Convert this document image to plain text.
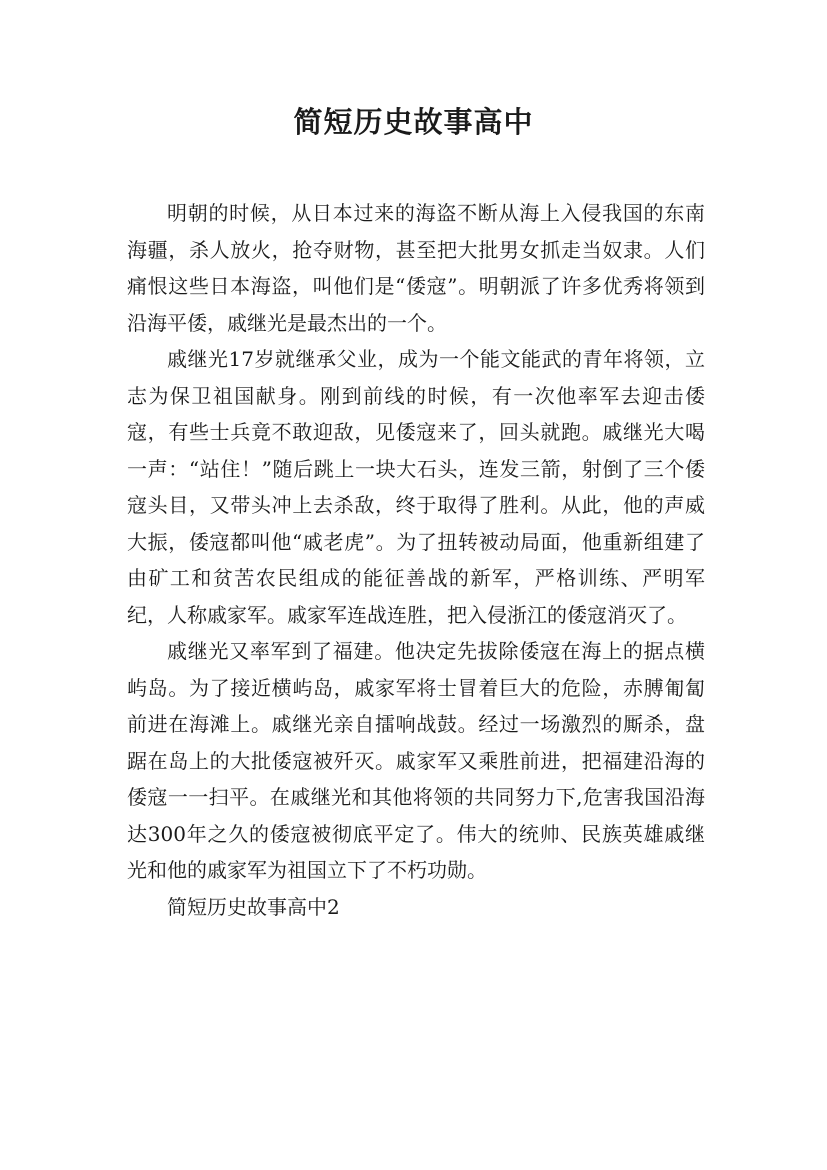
简短历史故事高中

明朝的时候，从日本过来的海盗不断从海上入侵我国的东南海疆，杀人放火，抢夺财物，甚至把大批男女抓走当奴隶。人们痛恨这些日本海盗，叫他们是“倭寇”。明朝派了许多优秀将领到沿海平倭，戚继光是最杰出的一个。

戚继光17岁就继承父业，成为一个能文能武的青年将领，立志为保卫祖国献身。刚到前线的时候，有一次他率军去迎击倭寇，有些士兵竟不敢迎敌，见倭寇来了，回头就跑。戚继光大喝一声：“站住！”随后跳上一块大石头，连发三箭，射倒了三个倭寇头目，又带头冲上去杀敌，终于取得了胜利。从此，他的声威大振，倭寇都叫他“戚老虎”。为了扭转被动局面，他重新组建了由矿工和贫苦农民组成的能征善战的新军，严格训练、严明军纪，人称戚家军。戚家军连战连胜，把入侵浙江的倭寇消灭了。

戚继光又率军到了福建。他决定先拔除倭寇在海上的据点横屿岛。为了接近横屿岛，戚家军将士冒着巨大的危险，赤膊匍匐前进在海滩上。戚继光亲自擂响战鼓。经过一场激烈的厮杀，盘踞在岛上的大批倭寇被歼灭。戚家军又乘胜前进，把福建沿海的倭寇一一扫平。在戚继光和其他将领的共同努力下,危害我国沿海达300年之久的倭寇被彻底平定了。伟大的统帅、民族英雄戚继光和他的戚家军为祖国立下了不朽功勋。

简短历史故事高中2
